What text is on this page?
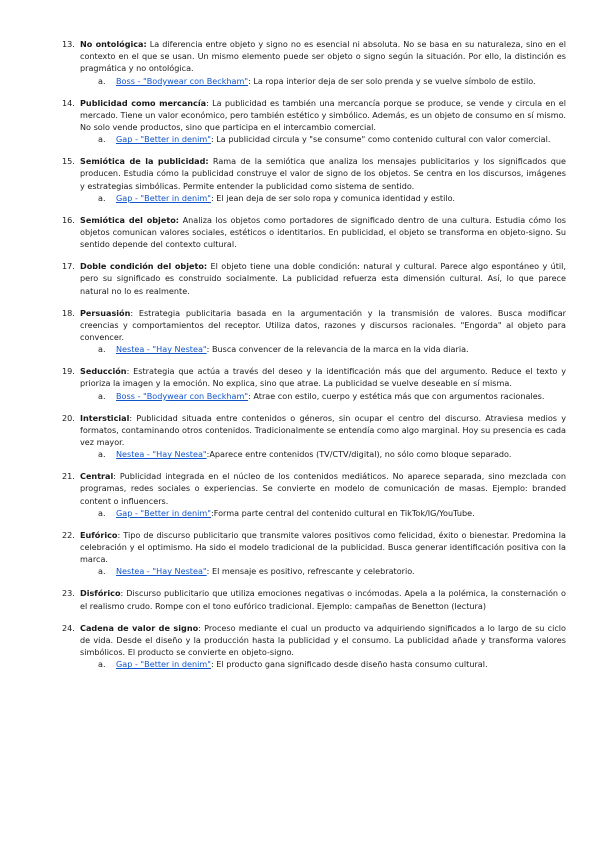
13. No ontológica: La diferencia entre objeto y signo no es esencial ni absoluta. No se basa en su naturaleza, sino en el contexto en el que se usan. Un mismo elemento puede ser objeto o signo según la situación. Por ello, la distinción es pragmática y no ontológica.
a. Boss - "Bodywear con Beckham": La ropa interior deja de ser solo prenda y se vuelve símbolo de estilo.
14. Publicidad como mercancía: La publicidad es también una mercancía porque se produce, se vende y circula en el mercado. Tiene un valor económico, pero también estético y simbólico. Además, es un objeto de consumo en sí mismo. No solo vende productos, sino que participa en el intercambio comercial.
a. Gap - "Better in denim": La publicidad circula y "se consume" como contenido cultural con valor comercial.
15. Semiótica de la publicidad: Rama de la semiótica que analiza los mensajes publicitarios y los significados que producen. Estudia cómo la publicidad construye el valor de signo de los objetos. Se centra en los discursos, imágenes y estrategias simbólicas. Permite entender la publicidad como sistema de sentido.
a. Gap - "Better in denim": El jean deja de ser solo ropa y comunica identidad y estilo.
16. Semiótica del objeto: Analiza los objetos como portadores de significado dentro de una cultura. Estudia cómo los objetos comunican valores sociales, estéticos o identitarios. En publicidad, el objeto se transforma en objeto-signo. Su sentido depende del contexto cultural.
17. Doble condición del objeto: El objeto tiene una doble condición: natural y cultural. Parece algo espontáneo y útil, pero su significado es construido socialmente. La publicidad refuerza esta dimensión cultural. Así, lo que parece natural no lo es realmente.
18. Persuasión: Estrategia publicitaria basada en la argumentación y la transmisión de valores. Busca modificar creencias y comportamientos del receptor. Utiliza datos, razones y discursos racionales. "Engorda" al objeto para convencer.
a. Nestea - "Hay Nestea": Busca convencer de la relevancia de la marca en la vida diaria.
19. Seducción: Estrategia que actúa a través del deseo y la identificación más que del argumento. Reduce el texto y prioriza la imagen y la emoción. No explica, sino que atrae. La publicidad se vuelve deseable en sí misma.
a. Boss - "Bodywear con Beckham": Atrae con estilo, cuerpo y estética más que con argumentos racionales.
20. Intersticial: Publicidad situada entre contenidos o géneros, sin ocupar el centro del discurso. Atraviesa medios y formatos, contaminando otros contenidos. Tradicionalmente se entendía como algo marginal. Hoy su presencia es cada vez mayor.
a. Nestea - "Hay Nestea":Aparece entre contenidos (TV/CTV/digital), no sólo como bloque separado.
21. Central: Publicidad integrada en el núcleo de los contenidos mediáticos. No aparece separada, sino mezclada con programas, redes sociales o experiencias. Se convierte en modelo de comunicación de masas. Ejemplo: branded content o influencers.
a. Gap - "Better in denim":Forma parte central del contenido cultural en TikTok/IG/YouTube.
22. Eufórico: Tipo de discurso publicitario que transmite valores positivos como felicidad, éxito o bienestar. Predomina la celebración y el optimismo. Ha sido el modelo tradicional de la publicidad. Busca generar identificación positiva con la marca.
a. Nestea - "Hay Nestea": El mensaje es positivo, refrescante y celebratorio.
23. Disfórico: Discurso publicitario que utiliza emociones negativas o incómodas. Apela a la polémica, la consternación o el realismo crudo. Rompe con el tono eufórico tradicional. Ejemplo: campañas de Benetton (lectura)
24. Cadena de valor de signo: Proceso mediante el cual un producto va adquiriendo significados a lo largo de su ciclo de vida. Desde el diseño y la producción hasta la publicidad y el consumo. La publicidad añade y transforma valores simbólicos. El producto se convierte en objeto-signo.
a. Gap - "Better in denim": El producto gana significado desde diseño hasta consumo cultural.
